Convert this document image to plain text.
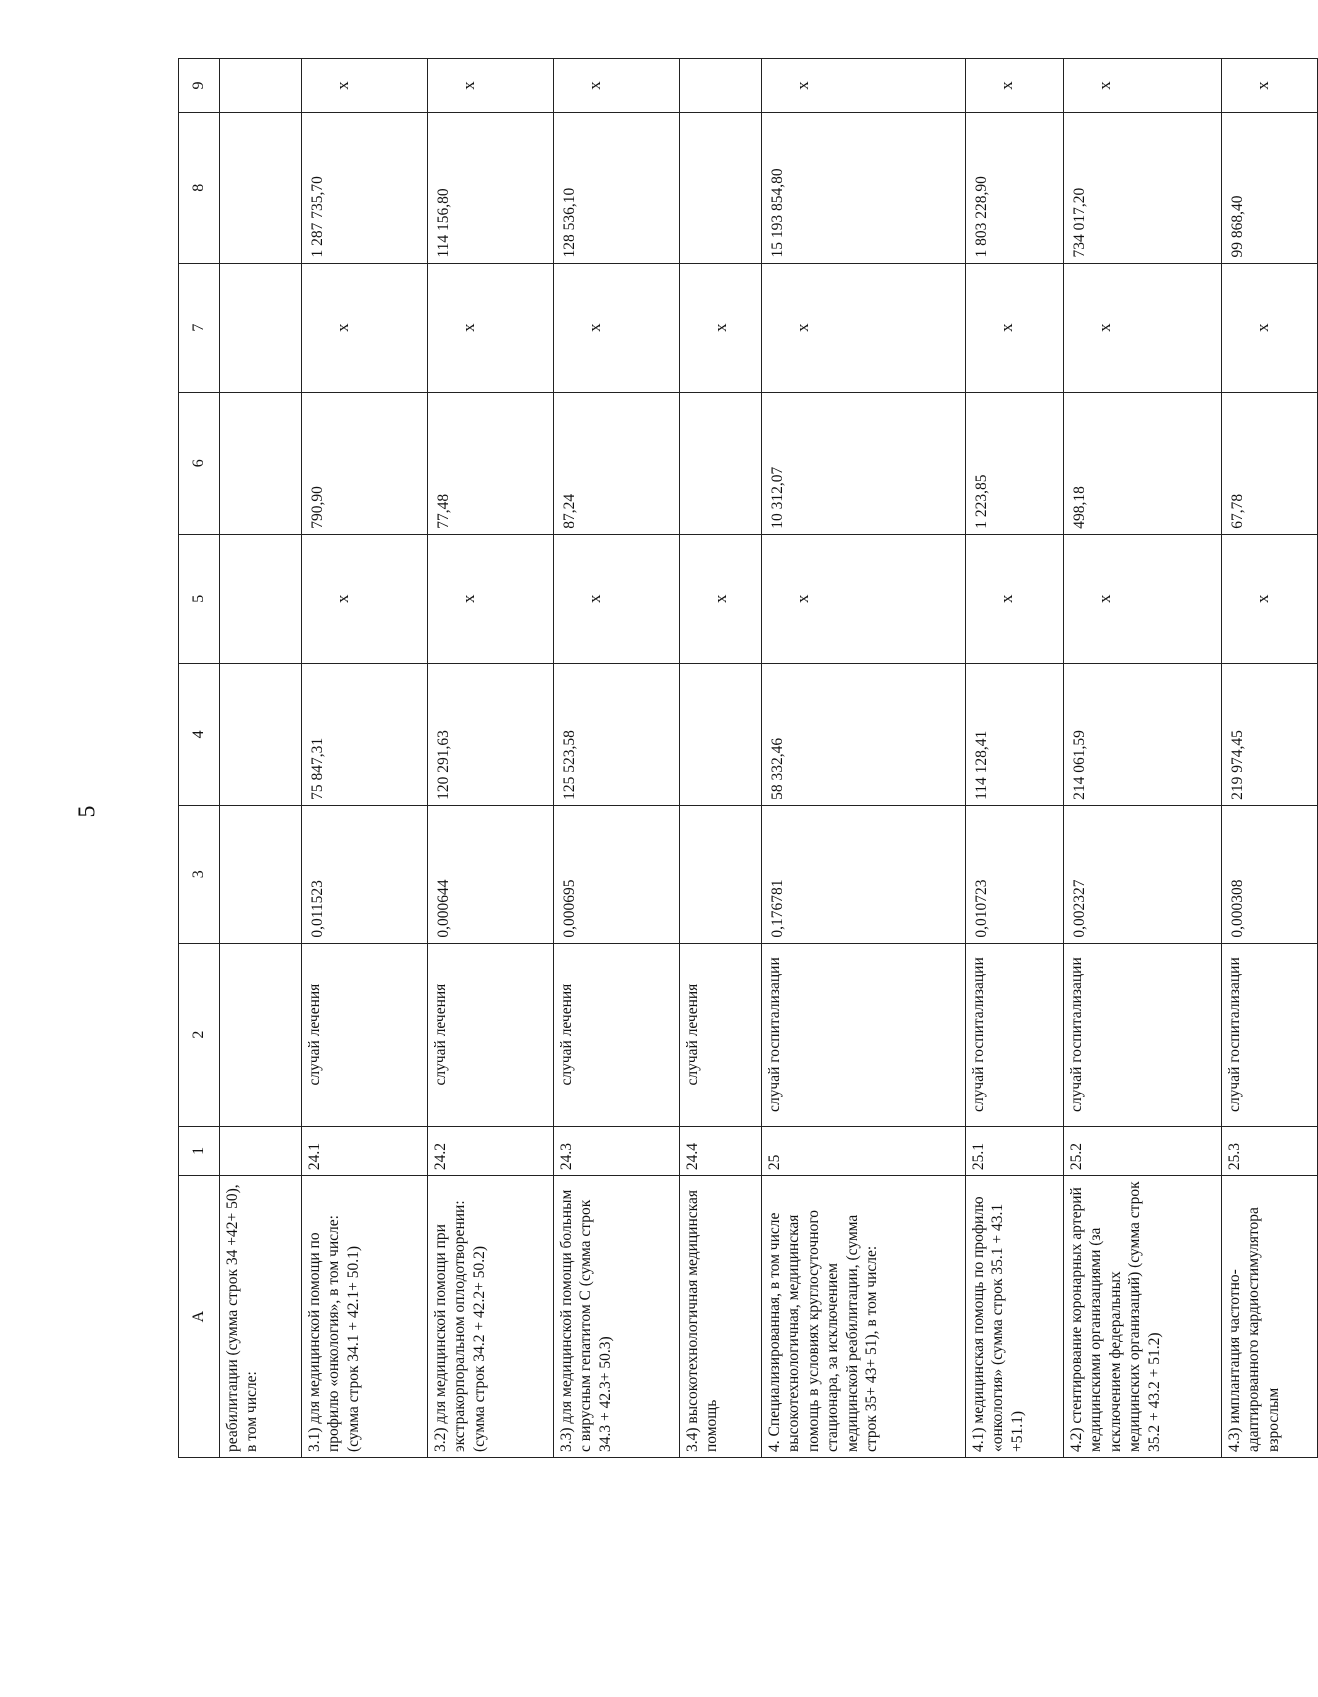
5
А	1	2	3	4	5	6	7	8	9
реабилитации (сумма строк 34 +42+ 50), в том числе:									
3.1) для медицинской помощи по профилю «онкология», в том числе: (сумма строк 34.1 + 42.1+ 50.1)	24.1	случай лечения	0,011523	75 847,31	х	790,90	х	1 287 735,70	х
3.2) для медицинской помощи при экстракорпоральном оплодотворении: (сумма строк 34.2 + 42.2+ 50.2)	24.2	случай лечения	0,000644	120 291,63	х	77,48	х	114 156,80	х
3.3) для медицинской помощи больным с вирусным гепатитом С (сумма строк 34.3 + 42.3+ 50.3)	24.3	случай лечения	0,000695	125 523,58	х	87,24	х	128 536,10	х
3.4) высокотехнологичная медицинская помощь	24.4	случай лечения			х		х		
4. Специализированная, в том числе высокотехнологичная, медицинская помощь в условиях круглосуточного стационара, за исключением медицинской реабилитации, (сумма строк 35+ 43+ 51), в том числе:	25	случай госпитализации	0,176781	58 332,46	х	10 312,07	х	15 193 854,80	х
4.1) медицинская помощь по профилю «онкология» (сумма строк 35.1 + 43.1 +51.1)	25.1	случай госпитализации	0,010723	114 128,41	х	1 223,85	х	1 803 228,90	х
4.2) стентирование коронарных артерий медицинскими организациями (за исключением федеральных медицинских организаций) (сумма строк 35.2 + 43.2 + 51.2)	25.2	случай госпитализации	0,002327	214 061,59	х	498,18	х	734 017,20	х
4.3) имплантация частотно-адаптированного кардиостимулятора взрослым	25.3	случай госпитализации	0,000308	219 974,45	х	67,78	х	99 868,40	х
